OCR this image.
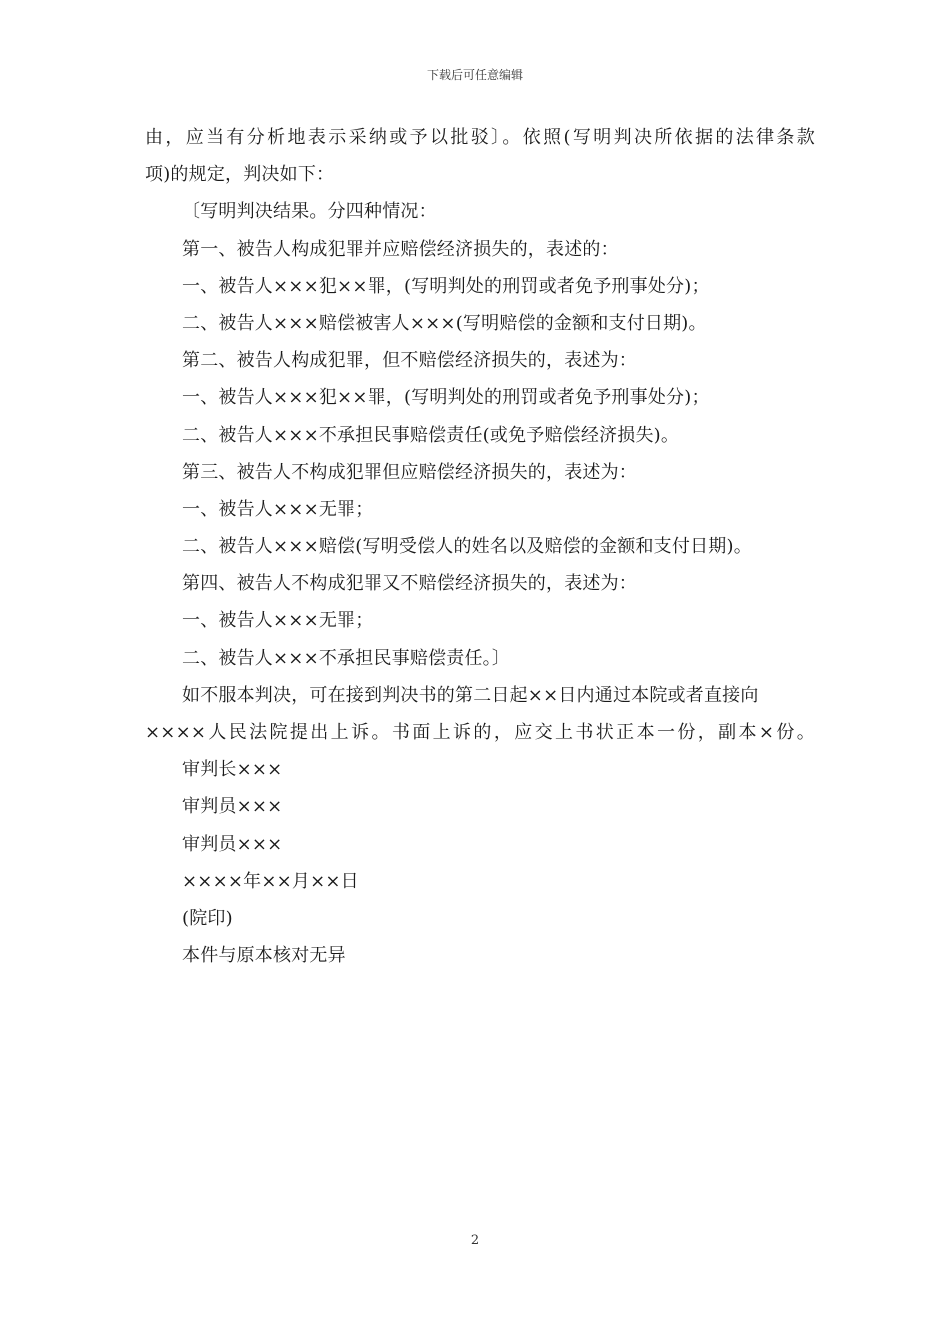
下载后可任意编辑
由，应当有分析地表示采纳或予以批驳〕。依照(写明判决所依据的法律条款
项)的规定，判决如下：
〔写明判决结果。分四种情况：
第一、被告人构成犯罪并应赔偿经济损失的，表述的：
一、被告人×××犯××罪，(写明判处的刑罚或者免予刑事处分)；
二、被告人×××赔偿被害人×××(写明赔偿的金额和支付日期)。
第二、被告人构成犯罪，但不赔偿经济损失的，表述为：
一、被告人×××犯××罪，(写明判处的刑罚或者免予刑事处分)；
二、被告人×××不承担民事赔偿责任(或免予赔偿经济损失)。
第三、被告人不构成犯罪但应赔偿经济损失的，表述为：
一、被告人×××无罪；
二、被告人×××赔偿(写明受偿人的姓名以及赔偿的金额和支付日期)。
第四、被告人不构成犯罪又不赔偿经济损失的，表述为：
一、被告人×××无罪；
二、被告人×××不承担民事赔偿责任。〕
如不服本判决，可在接到判决书的第二日起××日内通过本院或者直接向
××××人民法院提出上诉。书面上诉的，应交上书状正本一份，副本×份。
审判长×××
审判员×××
审判员×××
××××年××月××日
(院印)
本件与原本核对无异
2
